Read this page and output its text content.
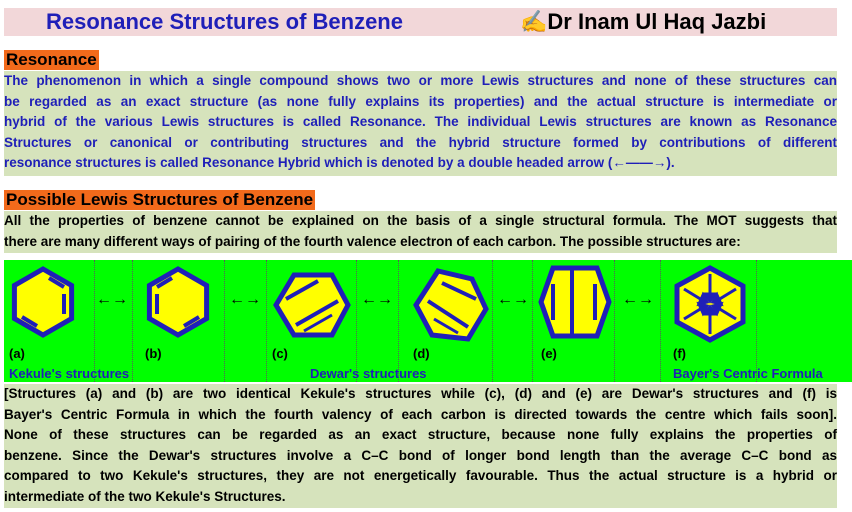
Resonance Structures of Benzene	✍Dr Inam Ul Haq Jazbi
Resonance
The phenomenon in which a single compound shows two or more Lewis structures and none of these structures can
be regarded as an exact structure (as none fully explains its properties) and the actual structure is intermediate or
hybrid of the various Lewis structures is called Resonance. The individual Lewis structures are known as Resonance
Structures or canonical or contributing structures and the hybrid structure formed by contributions of different
resonance structures is called Resonance Hybrid which is denoted by a double headed arrow (←——→).
Possible Lewis Structures of Benzene
All the properties of benzene cannot be explained on the basis of a single structural formula. The MOT suggests that
there are many different ways of pairing of the fourth valence electron of each carbon. The possible structures are:
←→	←→	←→	←→	←→
(a)	(b)	(c)	(d)	(e)	(f)
Kekule's structures	Dewar's structures	Bayer's Centric Formula
[Structures (a) and (b) are two identical Kekule's structures while (c), (d) and (e) are Dewar's structures and (f) is
Bayer's Centric Formula in which the fourth valency of each carbon is directed towards the centre which fails soon].
None of these structures can be regarded as an exact structure, because none fully explains the properties of
benzene. Since the Dewar's structures involve a C–C bond of longer bond length than the average C–C bond as
compared to two Kekule's structures, they are not energetically favourable. Thus the actual structure is a hybrid or
intermediate of the two Kekule's Structures.
